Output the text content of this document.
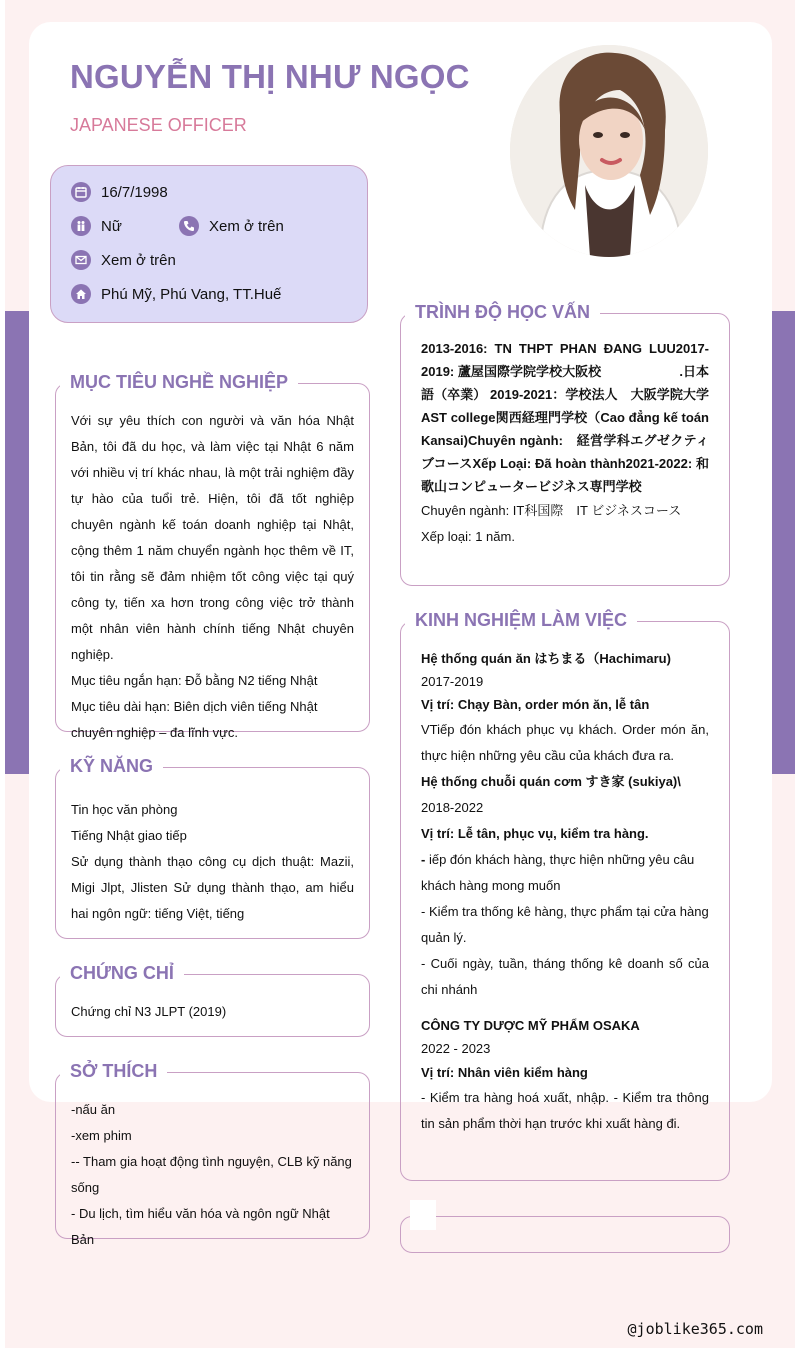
NGUYỄN THỊ NHƯ NGỌC
JAPANESE OFFICER
16/7/1998
Nữ	Xem ở trên
Xem ở trên
Phú Mỹ, Phú Vang, TT.Huế
MỤC TIÊU NGHỀ NGHIỆP

Với sự yêu thích con người và văn hóa Nhật Bản, tôi đã du học, và làm việc tại Nhật 6 năm với nhiều vị trí khác nhau, là một trải nghiệm đầy tự hào của tuổi trẻ. Hiện, tôi đã tốt nghiệp chuyên ngành kế toán doanh nghiệp tại Nhật, cộng thêm 1 năm chuyển ngành học thêm về IT, tôi tin rằng sẽ đảm nhiệm tốt công việc tại quý công ty, tiến xa hơn trong công việc trở thành một nhân viên hành chính tiếng Nhật chuyên nghiệp.

Mục tiêu ngắn hạn: Đỗ bằng N2 tiếng Nhật

Mục tiêu dài hạn: Biên dịch viên tiếng Nhật chuyên nghiệp – đa lĩnh vực.

KỸ NĂNG

Tin học văn phòng

Tiếng Nhật giao tiếp

Sử dụng thành thạo công cụ dịch thuật: Mazii, Migi Jlpt, Jlisten Sử dụng thành thạo, am hiểu hai ngôn ngữ: tiếng Việt, tiếng

CHỨNG CHỈ

Chứng chỉ N3 JLPT (2019)

SỞ THÍCH

-nấu ăn

-xem phim

-- Tham gia hoạt động tình nguyện, CLB kỹ năng sống

- Du lịch, tìm hiểu văn hóa và ngôn ngữ Nhật Bản

TRÌNH ĐỘ HỌC VẤN

2013-2016: TN THPT PHAN ĐANG LUU2017-2019: 蘆屋国際学院学校大阪校　　　　　　.日本語（卒業） 2019-2021：学校法人　大阪学院大学 AST college関西経理門学校（Cao đẳng kế toán Kansai)Chuyên ngành:　経営学科エグゼクティブコースXếp Loại: Đã hoàn thành2021-2022: 和歌山コンピュータービジネス専門学校

Chuyên ngành: IT科国際　IT ビジネスコース

Xếp loại: 1 năm.

KINH NGHIỆM LÀM VIỆC

Hệ thống quán ăn はちまる（Hachimaru)

2017-2019

Vị trí: Chạy Bàn, order món ăn, lễ tân

VTiếp đón khách phục vụ khách. Order món ăn, thực hiện những yêu cầu của khách đưa ra.

Hệ thống chuỗi quán cơm すき家 (sukiya)\

2018-2022

Vị trí: Lễ tân, phục vụ, kiểm tra hàng.

- iếp đón khách hàng, thực hiện những yêu câu khách hàng mong muốn

- Kiểm tra thống kê hàng, thực phẩm tại cửa hàng quản lý.

- Cuối ngày, tuần, tháng thống kê doanh số của chi nhánh

CÔNG TY DƯỢC MỸ PHẨM OSAKA

2022 - 2023

Vị trí: Nhân viên kiểm hàng

- Kiểm tra hàng hoá xuất, nhập. - Kiểm tra thông tin sản phẩm thời hạn trước khi xuất hàng đi.

@joblike365.com
